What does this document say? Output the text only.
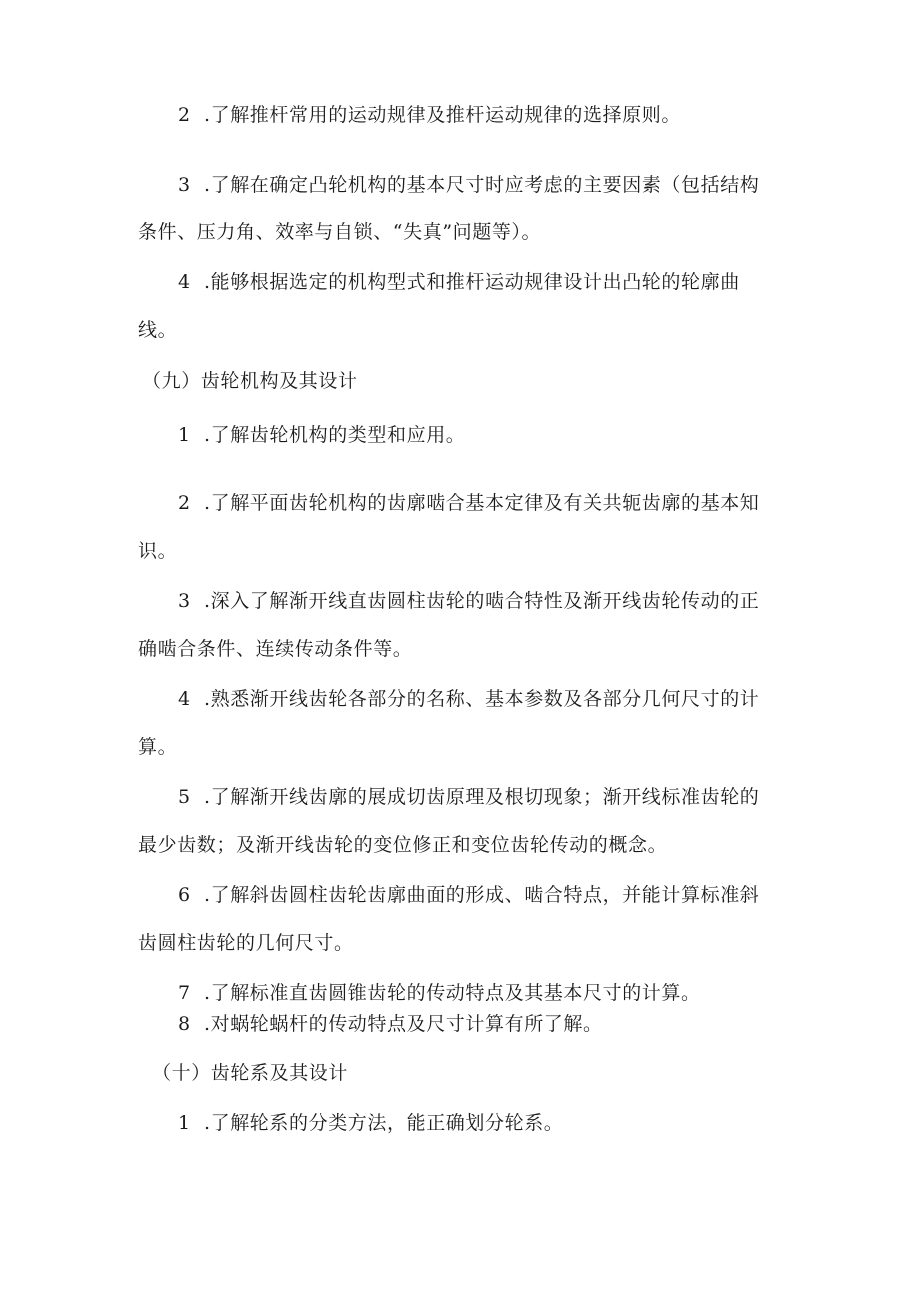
2  .了解推杆常用的运动规律及推杆运动规律的选择原则。
3  .了解在确定凸轮机构的基本尺寸时应考虑的主要因素（包括结构
条件、压力角、效率与自锁、“失真”问题等）。
4  .能够根据选定的机构型式和推杆运动规律设计出凸轮的轮廓曲
线。
（九）齿轮机构及其设计
1  .了解齿轮机构的类型和应用。
2  .了解平面齿轮机构的齿廓啮合基本定律及有关共轭齿廓的基本知
识。
3  .深入了解渐开线直齿圆柱齿轮的啮合特性及渐开线齿轮传动的正
确啮合条件、连续传动条件等。
4  .熟悉渐开线齿轮各部分的名称、基本参数及各部分几何尺寸的计
算。
5  .了解渐开线齿廓的展成切齿原理及根切现象；渐开线标准齿轮的
最少齿数；及渐开线齿轮的变位修正和变位齿轮传动的概念。
6  .了解斜齿圆柱齿轮齿廓曲面的形成、啮合特点，并能计算标准斜
齿圆柱齿轮的几何尺寸。
7  .了解标准直齿圆锥齿轮的传动特点及其基本尺寸的计算。
8  .对蜗轮蜗杆的传动特点及尺寸计算有所了解。
（十）齿轮系及其设计
1  .了解轮系的分类方法，能正确划分轮系。
